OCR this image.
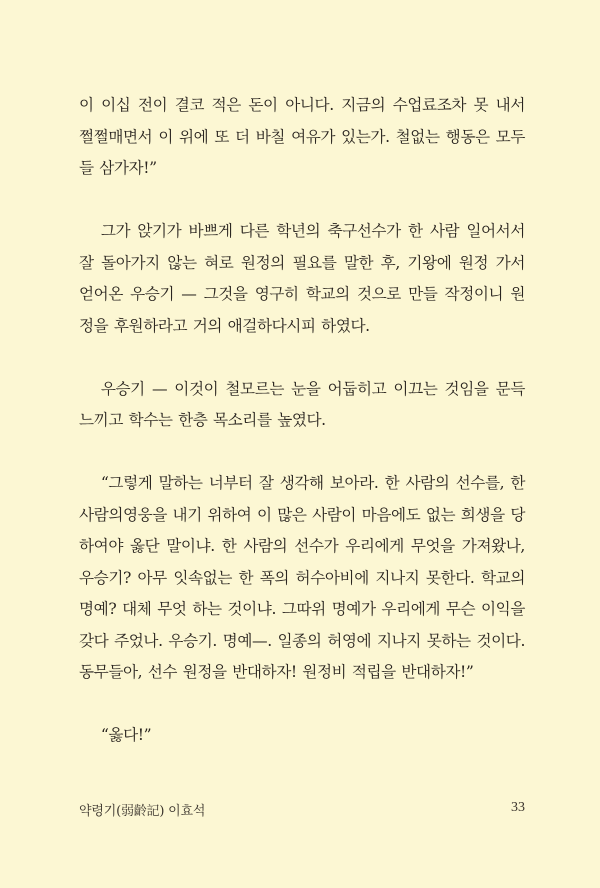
이 이십 전이 결코 적은 돈이 아니다. 지금의 수업료조차 못 내서 쩔쩔매면서 이 위에 또 더 바칠 여유가 있는가. 철없는 행동은 모두들 삼가자!”

그가 앉기가 바쁘게 다른 학년의 축구선수가 한 사람 일어서서 잘 돌아가지 않는 혀로 원정의 필요를 말한 후, 기왕에 원정 가서 얻어온 우승기 — 그것을 영구히 학교의 것으로 만들 작정이니 원정을 후원하라고 거의 애걸하다시피 하였다.

우승기 — 이것이 철모르는 눈을 어둡히고 이끄는 것임을 문득 느끼고 학수는 한층 목소리를 높였다.

“그렇게 말하는 너부터 잘 생각해 보아라. 한 사람의 선수를, 한 사람의영웅을 내기 위하여 이 많은 사람이 마음에도 없는 희생을 당하여야 옳단 말이냐. 한 사람의 선수가 우리에게 무엇을 가져왔나, 우승기? 아무 잇속없는 한 폭의 허수아비에 지나지 못한다. 학교의 명예? 대체 무엇 하는 것이냐. 그따위 명예가 우리에게 무슨 이익을 갖다 주었나. 우승기. 명예—. 일종의 허영에 지나지 못하는 것이다. 동무들아, 선수 원정을 반대하자! 원정비 적립을 반대하자!”

“옳다!”

약령기(弱齡記) 이효석	33
